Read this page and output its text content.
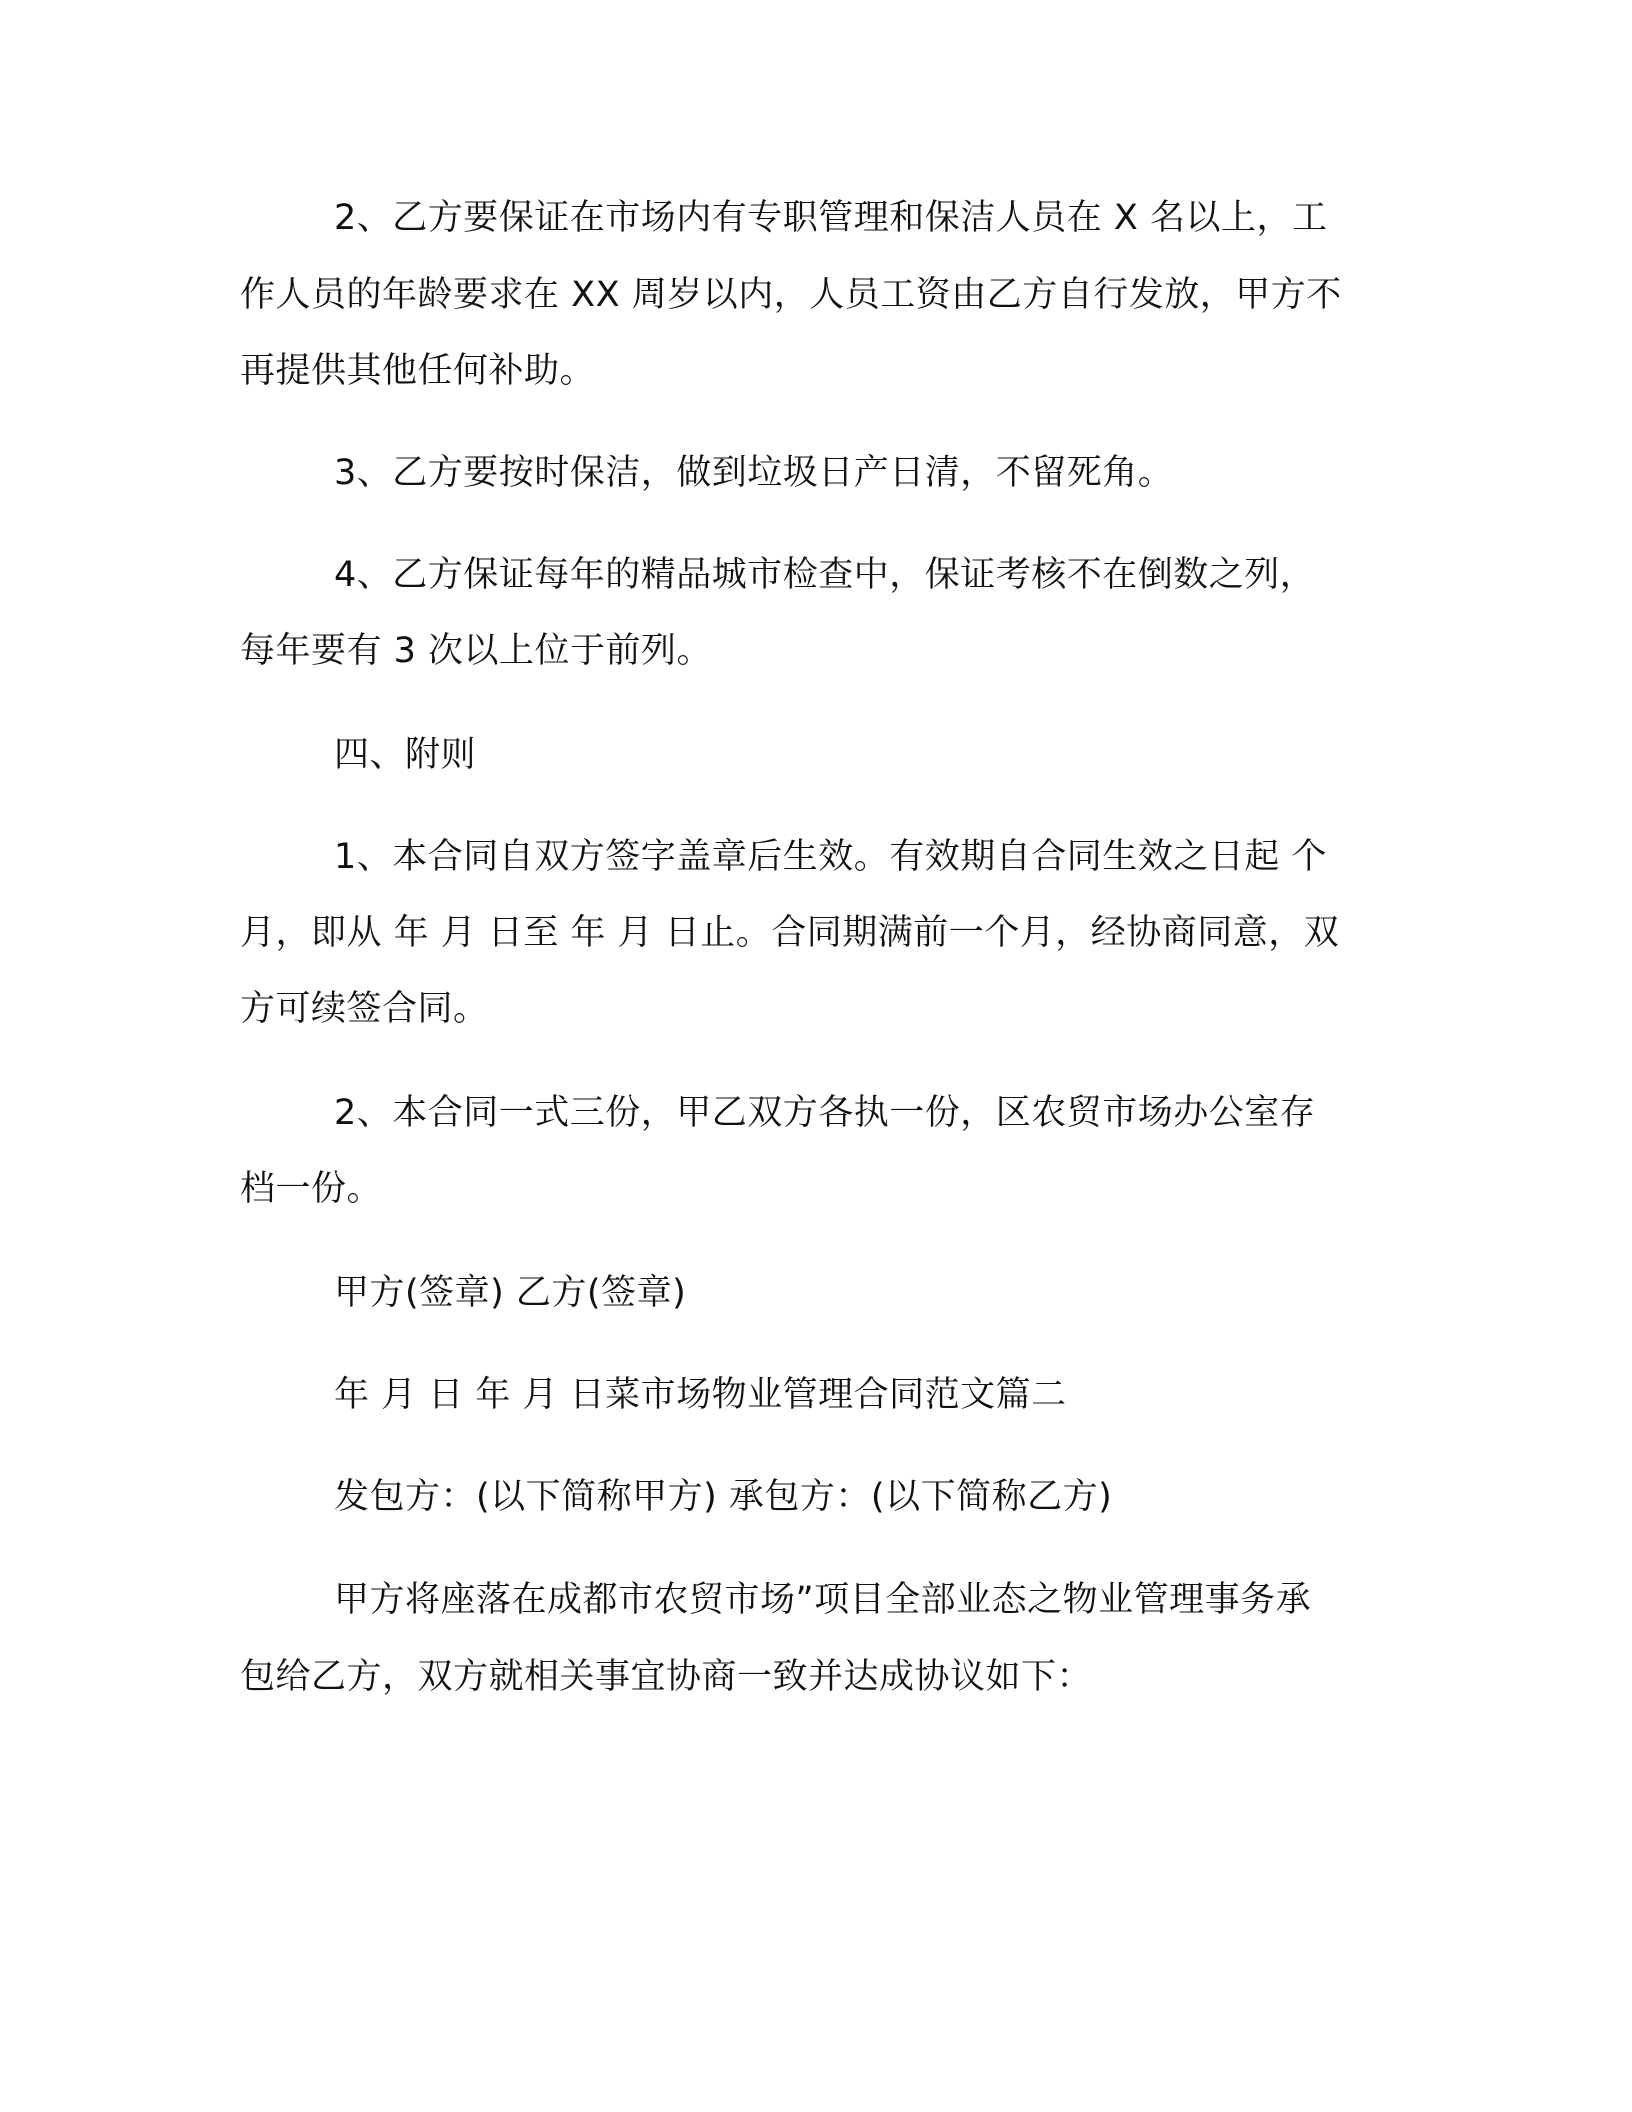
2、乙方要保证在市场内有专职管理和保洁人员在 X 名以上，工
作人员的年龄要求在 XX 周岁以内，人员工资由乙方自行发放，甲方不
再提供其他任何补助。
3、乙方要按时保洁，做到垃圾日产日清，不留死角。
4、乙方保证每年的精品城市检查中，保证考核不在倒数之列，
每年要有 3 次以上位于前列。
四、附则
1、本合同自双方签字盖章后生效。有效期自合同生效之日起 个
月，即从 年 月 日至 年 月 日止。合同期满前一个月，经协商同意，双
方可续签合同。
2、本合同一式三份，甲乙双方各执一份，区农贸市场办公室存
档一份。
甲方(签章) 乙方(签章)
年 月 日 年 月 日菜市场物业管理合同范文篇二
发包方：(以下简称甲方) 承包方：(以下简称乙方)
甲方将座落在成都市农贸市场”项目全部业态之物业管理事务承
包给乙方，双方就相关事宜协商一致并达成协议如下：
